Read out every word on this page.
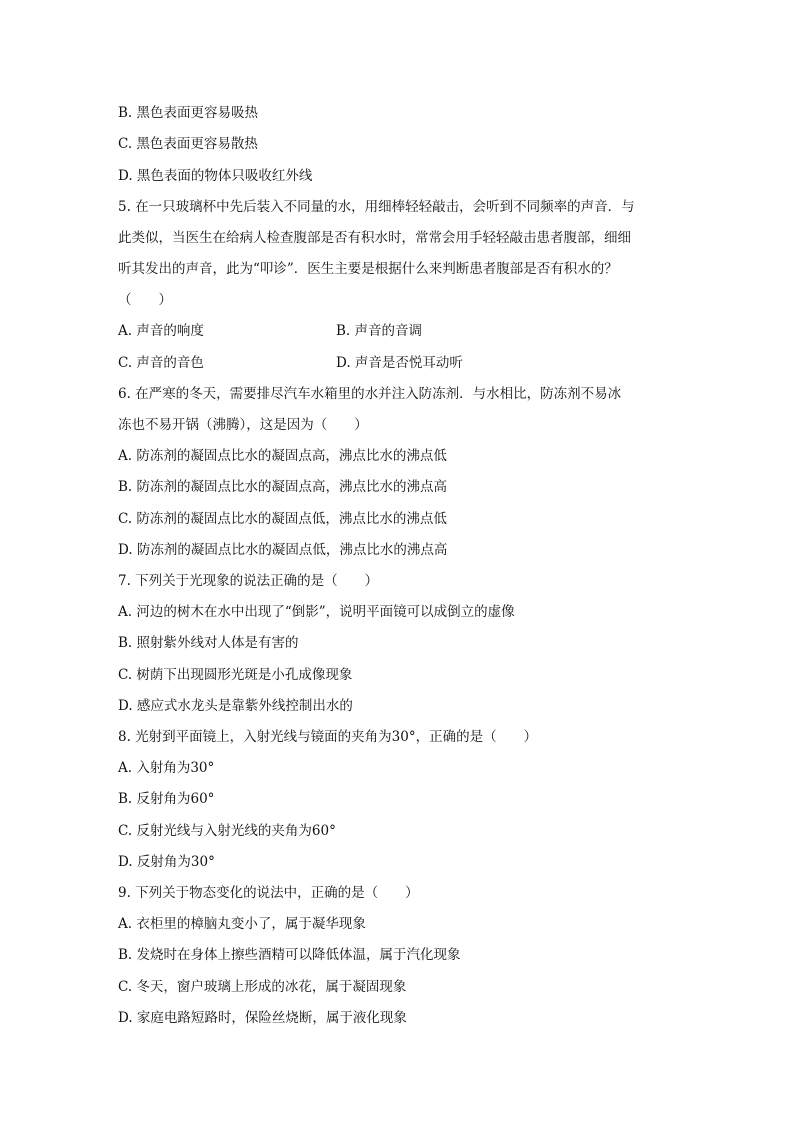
B. 黑色表面更容易吸热
C. 黑色表面更容易散热
D. 黑色表面的物体只吸收红外线
5. 在一只玻璃杯中先后装入不同量的水，用细棒轻轻敲击，会听到不同频率的声音．与
此类似，当医生在给病人检查腹部是否有积水时，常常会用手轻轻敲击患者腹部，细细
听其发出的声音，此为“叩诊”．医生主要是根据什么来判断患者腹部是否有积水的？
（　　）
A. 声音的响度	B. 声音的音调
C. 声音的音色	D. 声音是否悦耳动听
6. 在严寒的冬天，需要排尽汽车水箱里的水并注入防冻剂．与水相比，防冻剂不易冰
冻也不易开锅（沸腾），这是因为（　　）
A. 防冻剂的凝固点比水的凝固点高，沸点比水的沸点低
B. 防冻剂的凝固点比水的凝固点高，沸点比水的沸点高
C. 防冻剂的凝固点比水的凝固点低，沸点比水的沸点低
D. 防冻剂的凝固点比水的凝固点低，沸点比水的沸点高
7. 下列关于光现象的说法正确的是（　　）
A. 河边的树木在水中出现了“倒影”，说明平面镜可以成倒立的虚像
B. 照射紫外线对人体是有害的
C. 树荫下出现圆形光斑是小孔成像现象
D. 感应式水龙头是靠紫外线控制出水的
8. 光射到平面镜上，入射光线与镜面的夹角为30°，正确的是（　　）
A. 入射角为30°
B. 反射角为60°
C. 反射光线与入射光线的夹角为60°
D. 反射角为30°
9. 下列关于物态变化的说法中，正确的是（　　）
A. 衣柜里的樟脑丸变小了，属于凝华现象
B. 发烧时在身体上擦些酒精可以降低体温，属于汽化现象
C. 冬天，窗户玻璃上形成的冰花，属于凝固现象
D. 家庭电路短路时，保险丝烧断，属于液化现象
